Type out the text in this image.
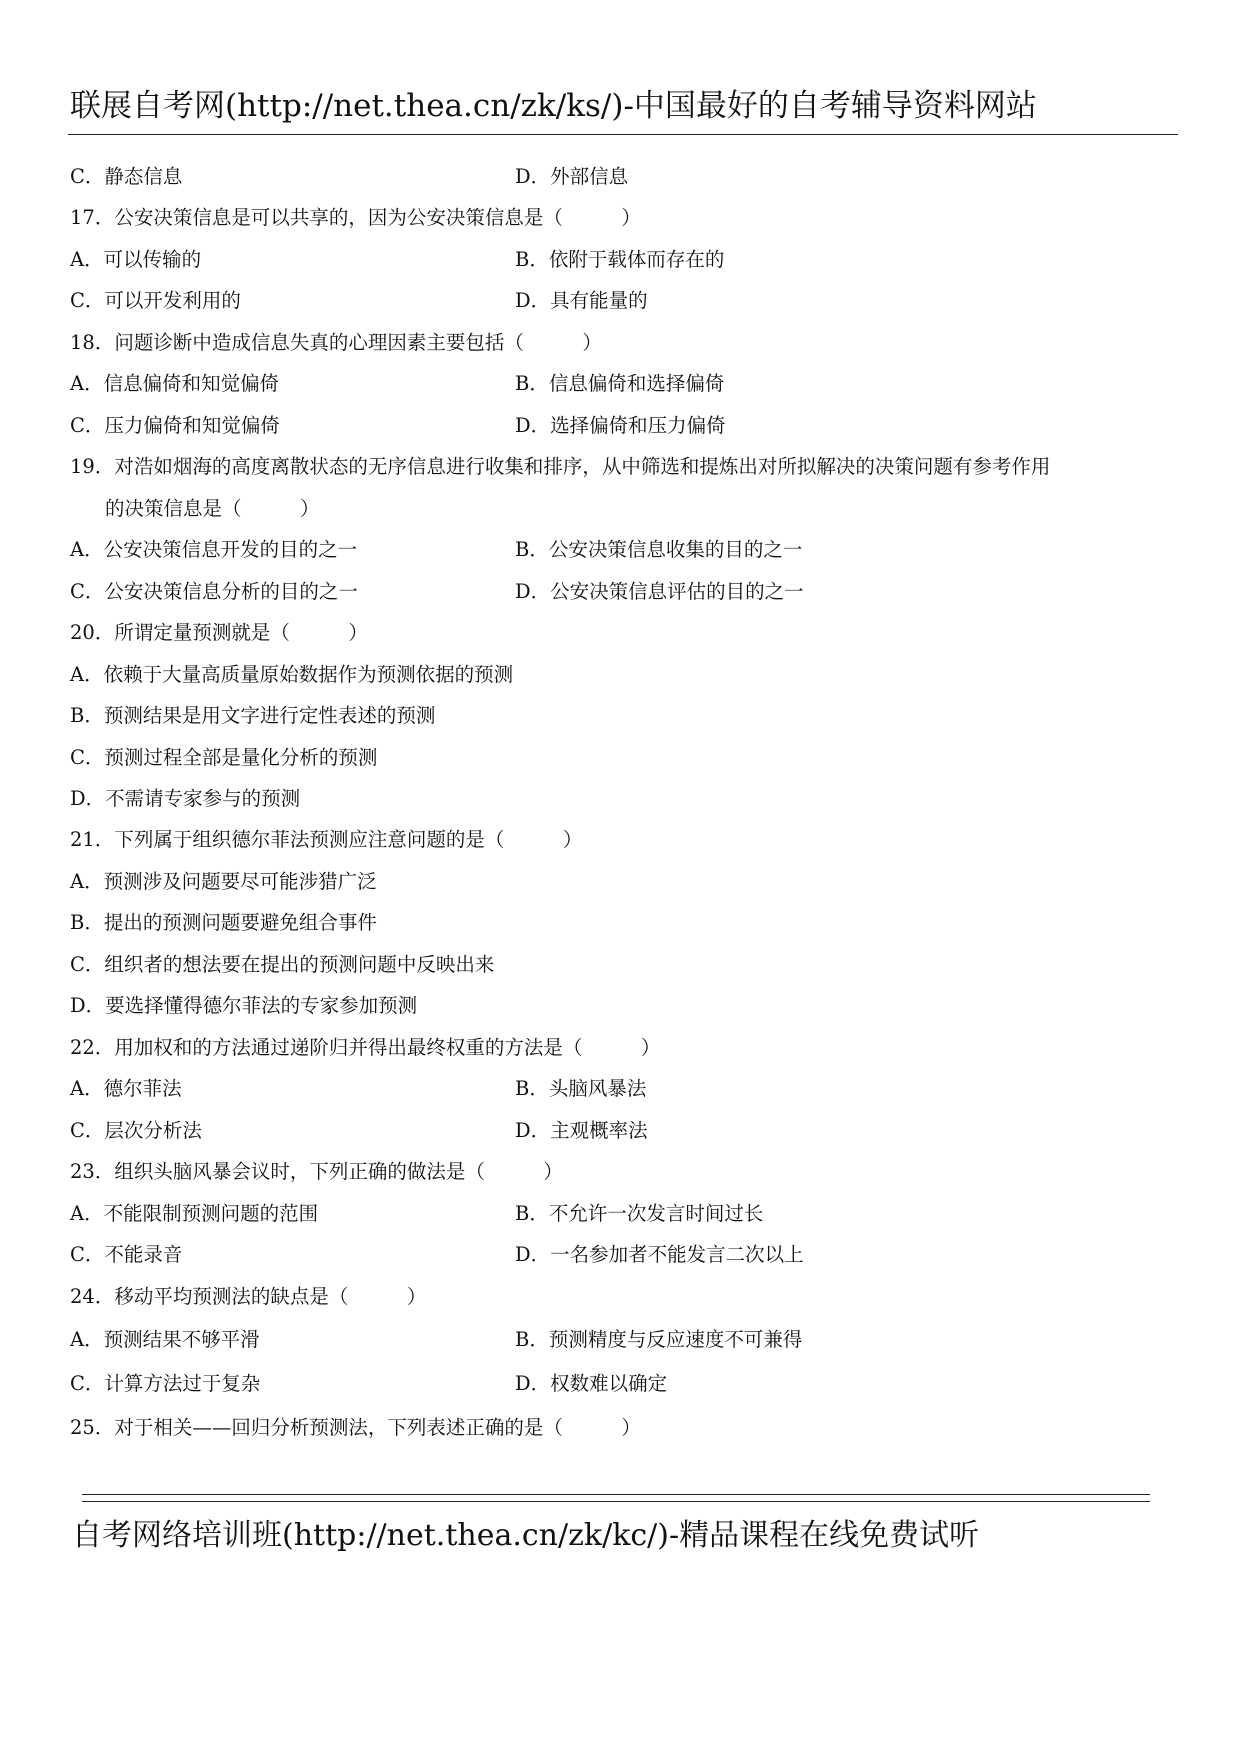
联展自考网(http://net.thea.cn/zk/ks/)-中国最好的自考辅导资料网站
C．静态信息	D．外部信息
17．公安决策信息是可以共享的，因为公安决策信息是（　　　）
A．可以传输的	B．依附于载体而存在的
C．可以开发利用的	D．具有能量的
18．问题诊断中造成信息失真的心理因素主要包括（　　　）
A．信息偏倚和知觉偏倚	B．信息偏倚和选择偏倚
C．压力偏倚和知觉偏倚	D．选择偏倚和压力偏倚
19．对浩如烟海的高度离散状态的无序信息进行收集和排序，从中筛选和提炼出对所拟解决的决策问题有参考作用
的决策信息是（　　　）
A．公安决策信息开发的目的之一	B．公安决策信息收集的目的之一
C．公安决策信息分析的目的之一	D．公安决策信息评估的目的之一
20．所谓定量预测就是（　　　）
A．依赖于大量高质量原始数据作为预测依据的预测
B．预测结果是用文字进行定性表述的预测
C．预测过程全部是量化分析的预测
D．不需请专家参与的预测
21．下列属于组织德尔菲法预测应注意问题的是（　　　）
A．预测涉及问题要尽可能涉猎广泛
B．提出的预测问题要避免组合事件
C．组织者的想法要在提出的预测问题中反映出来
D．要选择懂得德尔菲法的专家参加预测
22．用加权和的方法通过递阶归并得出最终权重的方法是（　　　）
A．德尔菲法	B．头脑风暴法
C．层次分析法	D．主观概率法
23．组织头脑风暴会议时，下列正确的做法是（　　　）
A．不能限制预测问题的范围	B．不允许一次发言时间过长
C．不能录音	D．一名参加者不能发言二次以上
24．移动平均预测法的缺点是（　　　）
A．预测结果不够平滑	B．预测精度与反应速度不可兼得
C．计算方法过于复杂	D．权数难以确定
25．对于相关——回归分析预测法，下列表述正确的是（　　　）
自考网络培训班(http://net.thea.cn/zk/kc/)-精品课程在线免费试听
